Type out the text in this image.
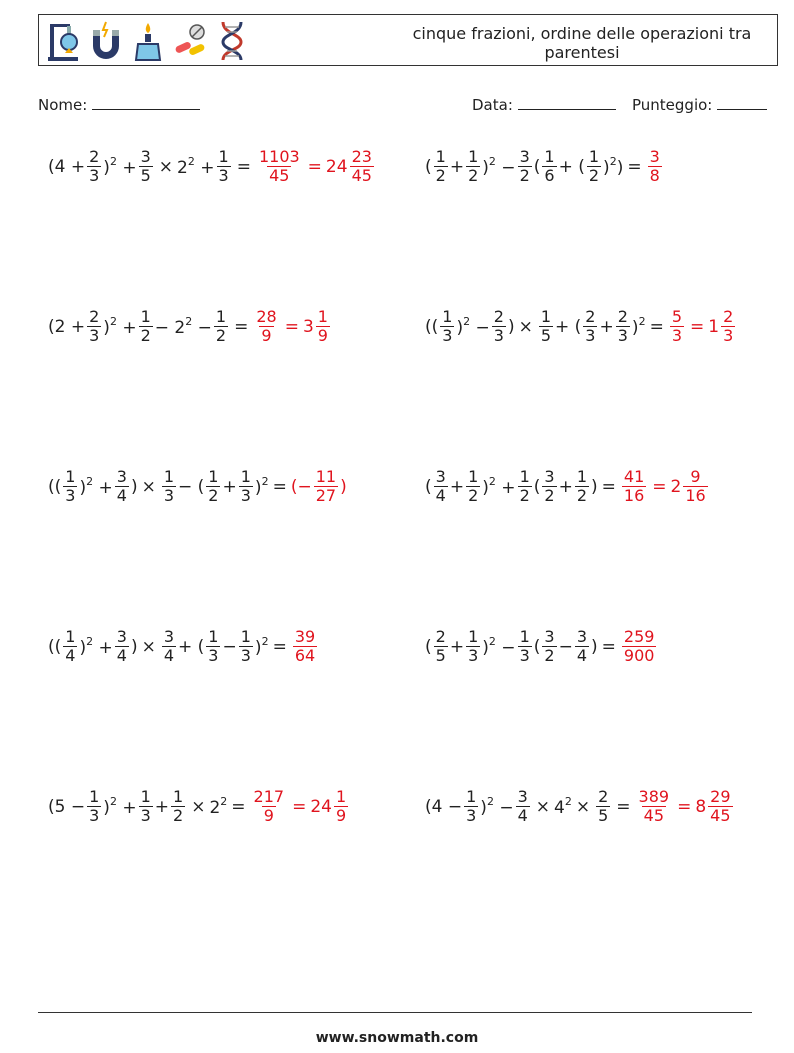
cinque frazioni, ordine delle operazioni tra parentesi
Nome:	Data:	Punteggio:
$(4 + \frac{2}{3} )^2 + \frac{3}{5} \times 2^2 + \frac{1}{3} = \frac{1103}{45} = 24 \frac{23}{45}$	( $\frac{1}{2} + \frac{1}{2} )^2 - \frac{3}{2}$ ( $\frac{1}{6}$ + ( $\frac{1}{2} )^2) = \frac{3}{8}$
$(2 + \frac{2}{3} )^2 + \frac{1}{2} - 2^2 - \frac{1}{2} = \frac{28}{9} = 3 \frac{1}{9}$	(( $\frac{1}{3} )^2 - \frac{2}{3}$ ) × $\frac{1}{5}$ + ( $\frac{2}{3} + \frac{2}{3} )^2 = \frac{5}{3} = 1 \frac{2}{3}$
(( $\frac{1}{3} )^2 + \frac{3}{4}$ ) × $\frac{1}{3}$ − ( $\frac{1}{2} + \frac{1}{3} )^2$ = (− $\frac{11}{27}$ )	( $\frac{3}{4} + \frac{1}{2} )^2 + \frac{1}{2}$ ( $\frac{3}{2} + \frac{1}{2}$ ) = $\frac{41}{16} = 2 \frac{9}{16}$
(( $\frac{1}{4} )^2 + \frac{3}{4}$ ) × $\frac{3}{4}$ + ( $\frac{1}{3} - \frac{1}{3} )^2 = \frac{39}{64}$	( $\frac{2}{5} + \frac{1}{3} )^2 - \frac{1}{3}$ ( $\frac{3}{2} - \frac{3}{4}$ ) = $\frac{259}{900}$
$(5 - \frac{1}{3} )^2 + \frac{1}{3} + \frac{1}{2} \times 2^2 = \frac{217}{9} = 24 \frac{1}{9}$	$(4 - \frac{1}{3} )^2 - \frac{3}{4} \times 4^2 \times \frac{2}{5} = \frac{389}{45} = 8 \frac{29}{45}$
www.snowmath.com
